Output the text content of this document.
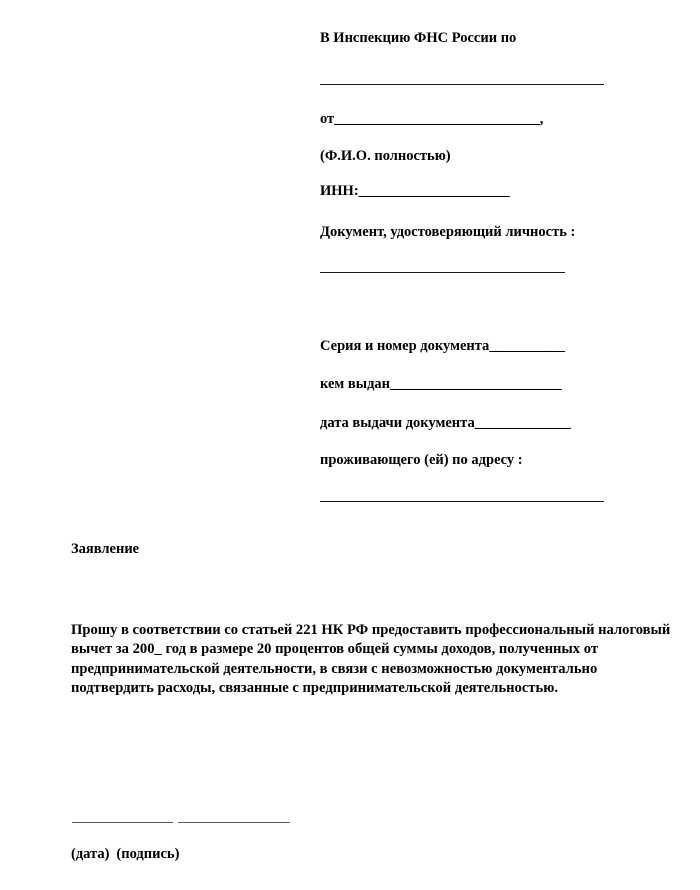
В Инспекцию ФНС России по
от______________________________,
(Ф.И.О. полностью)
ИНН:______________________
Документ, удостоверяющий личность :
Серия и номер документа___________
кем выдан_________________________
дата выдачи документа______________
проживающего (ей) по адресу :
Заявление
Прошу в соответствии со статьей 221 НК РФ предоставить профессиональный налоговый вычет за 200_ год в размере 20 процентов общей суммы доходов, полученных от предпринимательской деятельности, в связи с невозможностью документально подтвердить расходы, связанные с предпринимательской деятельностью.
(дата) (подпись)
